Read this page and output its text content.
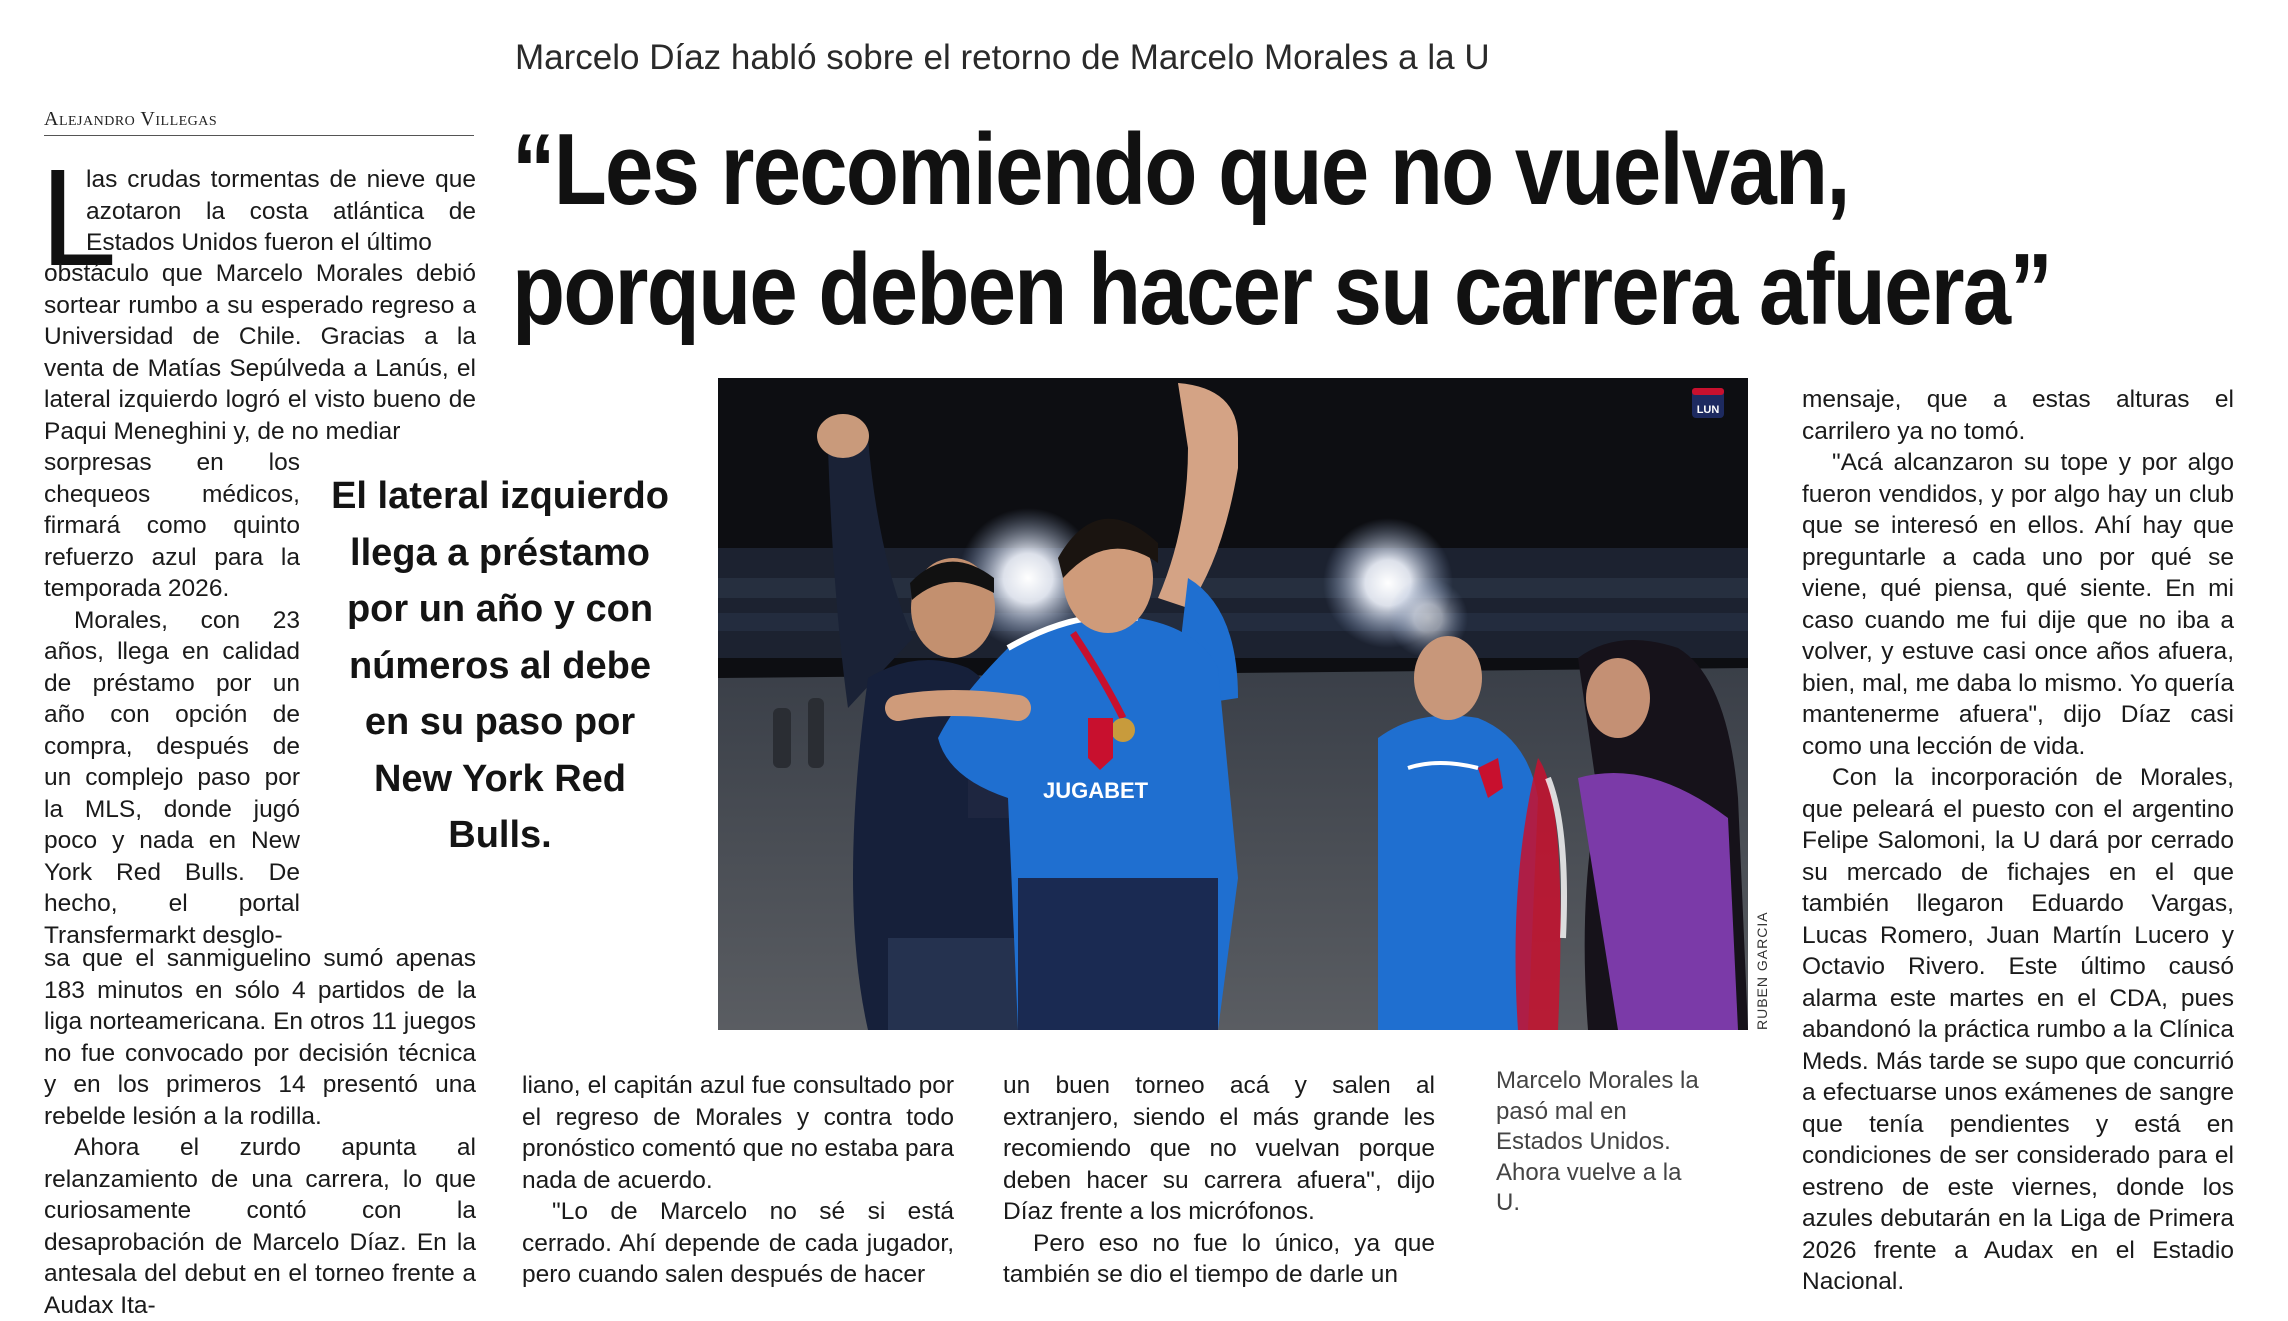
Marcelo Díaz habló sobre el retorno de Marcelo Morales a la U
Alejandro Villegas	“Les recomiendo que no vuelvan,
porque deben hacer su carrera afuera”
L

las crudas tormentas de nieve que azotaron la costa atlántica de Estados Unidos fueron el último

obstáculo que Marcelo Morales debió sortear rumbo a su esperado regreso a Universidad de Chile. Gracias a la venta de Matías Sepúlveda a Lanús, el lateral izquierdo logró el visto bueno de Paqui Meneghini y, de no mediar

sorpresas en los chequeos médicos, firmará como quinto refuerzo azul para la temporada 2026.

Morales, con 23 años, llega en calidad de préstamo por un año con opción de compra, después de un complejo paso por la MLS, donde jugó poco y nada en New York Red Bulls. De hecho, el portal Transfermarkt desglo-

sa que el sanmiguelino sumó apenas 183 minutos en sólo 4 partidos de la liga norteamericana. En otros 11 juegos no fue convocado por decisión técnica y en los primeros 14 presentó una rebelde lesión a la rodilla.

Ahora el zurdo apunta al relanzamiento de una carrera, lo que curiosamente contó con la desaprobación de Marcelo Díaz. En la antesala del debut en el torneo frente a Audax Ita-

El lateral izquierdo llega a préstamo por un año y con números al debe en su paso por New York Red Bulls.

JUGABET
LUN
RUBEN GARCIA

liano, el capitán azul fue consultado por el regreso de Morales y contra todo pronóstico comentó que no estaba para nada de acuerdo.

"Lo de Marcelo no sé si está cerrado. Ahí depende de cada jugador, pero cuando salen después de hacer

un buen torneo acá y salen al extranjero, siendo el más grande les recomiendo que no vuelvan porque deben hacer su carrera afuera", dijo Díaz frente a los micrófonos.

Pero eso no fue lo único, ya que también se dio el tiempo de darle un

Marcelo Morales la pasó mal en Estados Unidos. Ahora vuelve a la U.

mensaje, que a estas alturas el carrilero ya no tomó.

"Acá alcanzaron su tope y por algo fueron vendidos, y por algo hay un club que se interesó en ellos. Ahí hay que preguntarle a cada uno por qué se viene, qué piensa, qué siente. En mi caso cuando me fui dije que no iba a volver, y estuve casi once años afuera, bien, mal, me daba lo mismo. Yo quería mantenerme afuera", dijo Díaz casi como una lección de vida.

Con la incorporación de Morales, que peleará el puesto con el argentino Felipe Salomoni, la U dará por cerrado su mercado de fichajes en el que también llegaron Eduardo Vargas, Lucas Romero, Juan Martín Lucero y Octavio Rivero. Este último causó alarma este martes en el CDA, pues abandonó la práctica rumbo a la Clínica Meds. Más tarde se supo que concurrió a efectuarse unos exámenes de sangre que tenía pendientes y está en condiciones de ser considerado para el estreno de este viernes, donde los azules debutarán en la Liga de Primera 2026 frente a Audax en el Estadio Nacional.
